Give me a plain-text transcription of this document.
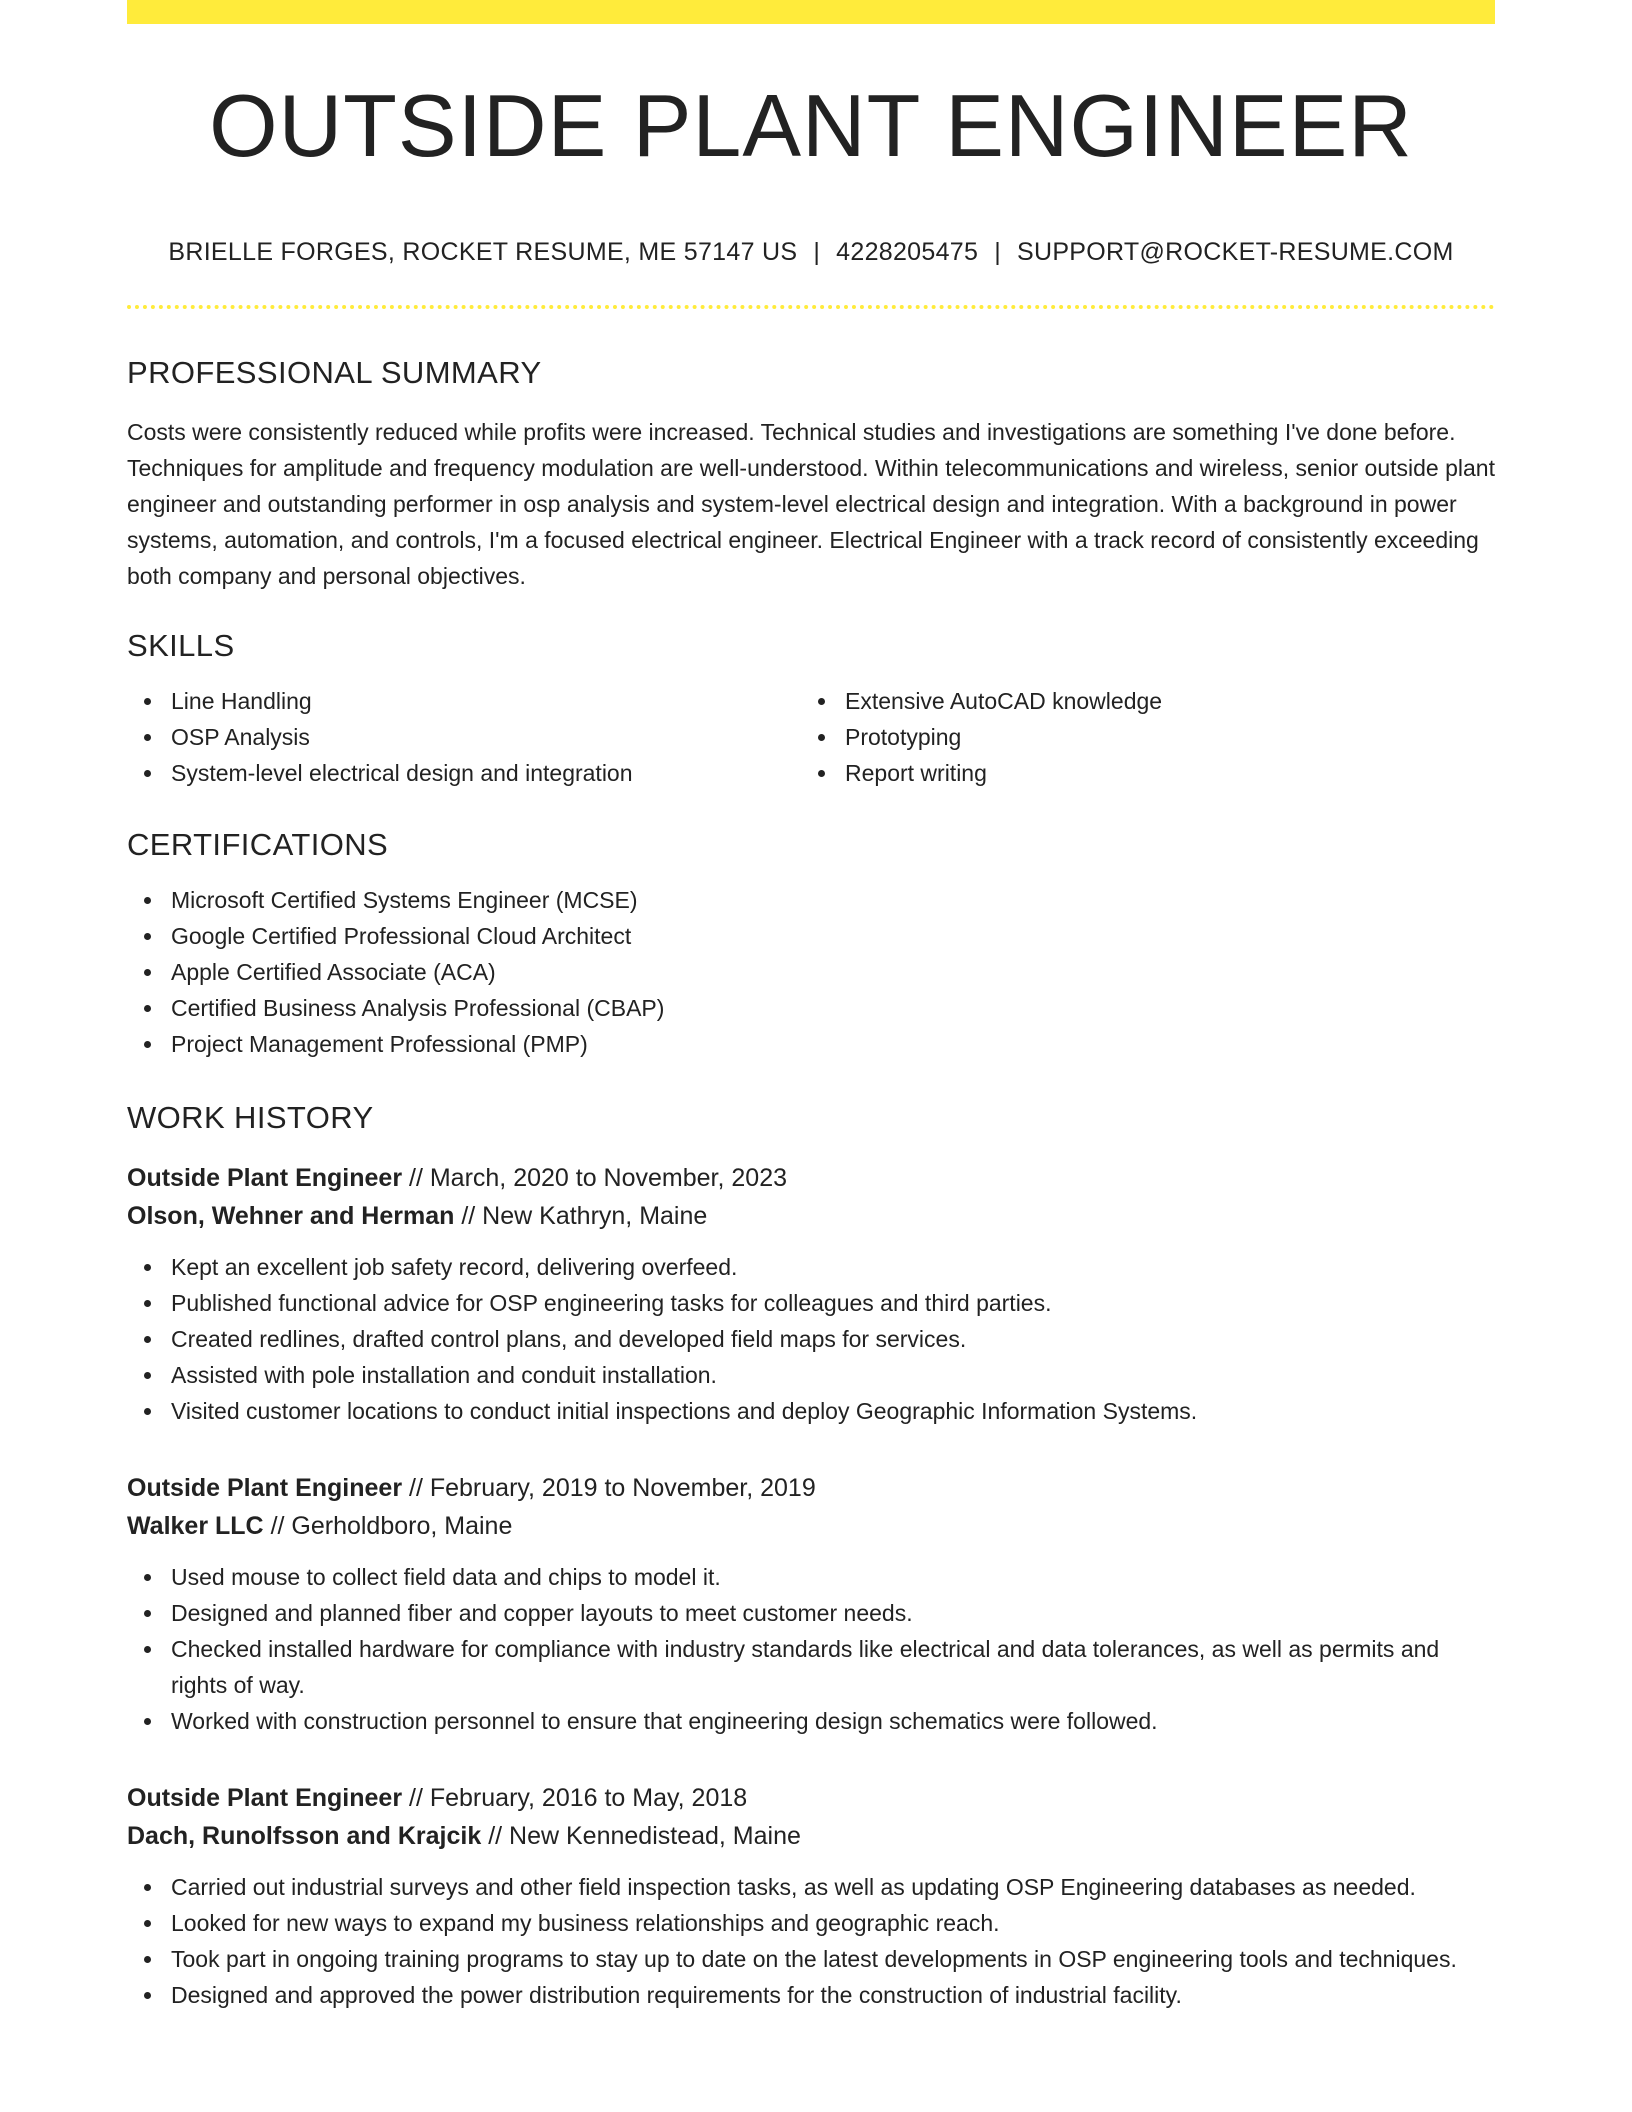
OUTSIDE PLANT ENGINEER
BRIELLE FORGES, ROCKET RESUME, ME 57147 US | 4228205475 | SUPPORT@ROCKET-RESUME.COM
PROFESSIONAL SUMMARY

Costs were consistently reduced while profits were increased. Technical studies and investigations are something I've done before. Techniques for amplitude and frequency modulation are well-understood. Within telecommunications and wireless, senior outside plant engineer and outstanding performer in osp analysis and system-level electrical design and integration. With a background in power systems, automation, and controls, I'm a focused electrical engineer. Electrical Engineer with a track record of consistently exceeding both company and personal objectives.

SKILLS
Line Handling
OSP Analysis
System-level electrical design and integration
Extensive AutoCAD knowledge
Prototyping
Report writing
CERTIFICATIONS
Microsoft Certified Systems Engineer (MCSE)
Google Certified Professional Cloud Architect
Apple Certified Associate (ACA)
Certified Business Analysis Professional (CBAP)
Project Management Professional (PMP)
WORK HISTORY
Outside Plant Engineer // March, 2020 to November, 2023
Olson, Wehner and Herman // New Kathryn, Maine
Kept an excellent job safety record, delivering overfeed.
Published functional advice for OSP engineering tasks for colleagues and third parties.
Created redlines, drafted control plans, and developed field maps for services.
Assisted with pole installation and conduit installation.
Visited customer locations to conduct initial inspections and deploy Geographic Information Systems.
Outside Plant Engineer // February, 2019 to November, 2019
Walker LLC // Gerholdboro, Maine
Used mouse to collect field data and chips to model it.
Designed and planned fiber and copper layouts to meet customer needs.
Checked installed hardware for compliance with industry standards like electrical and data tolerances, as well as permits and rights of way.
Worked with construction personnel to ensure that engineering design schematics were followed.
Outside Plant Engineer // February, 2016 to May, 2018
Dach, Runolfsson and Krajcik // New Kennedistead, Maine
Carried out industrial surveys and other field inspection tasks, as well as updating OSP Engineering databases as needed.
Looked for new ways to expand my business relationships and geographic reach.
Took part in ongoing training programs to stay up to date on the latest developments in OSP engineering tools and techniques.
Designed and approved the power distribution requirements for the construction of industrial facility.
